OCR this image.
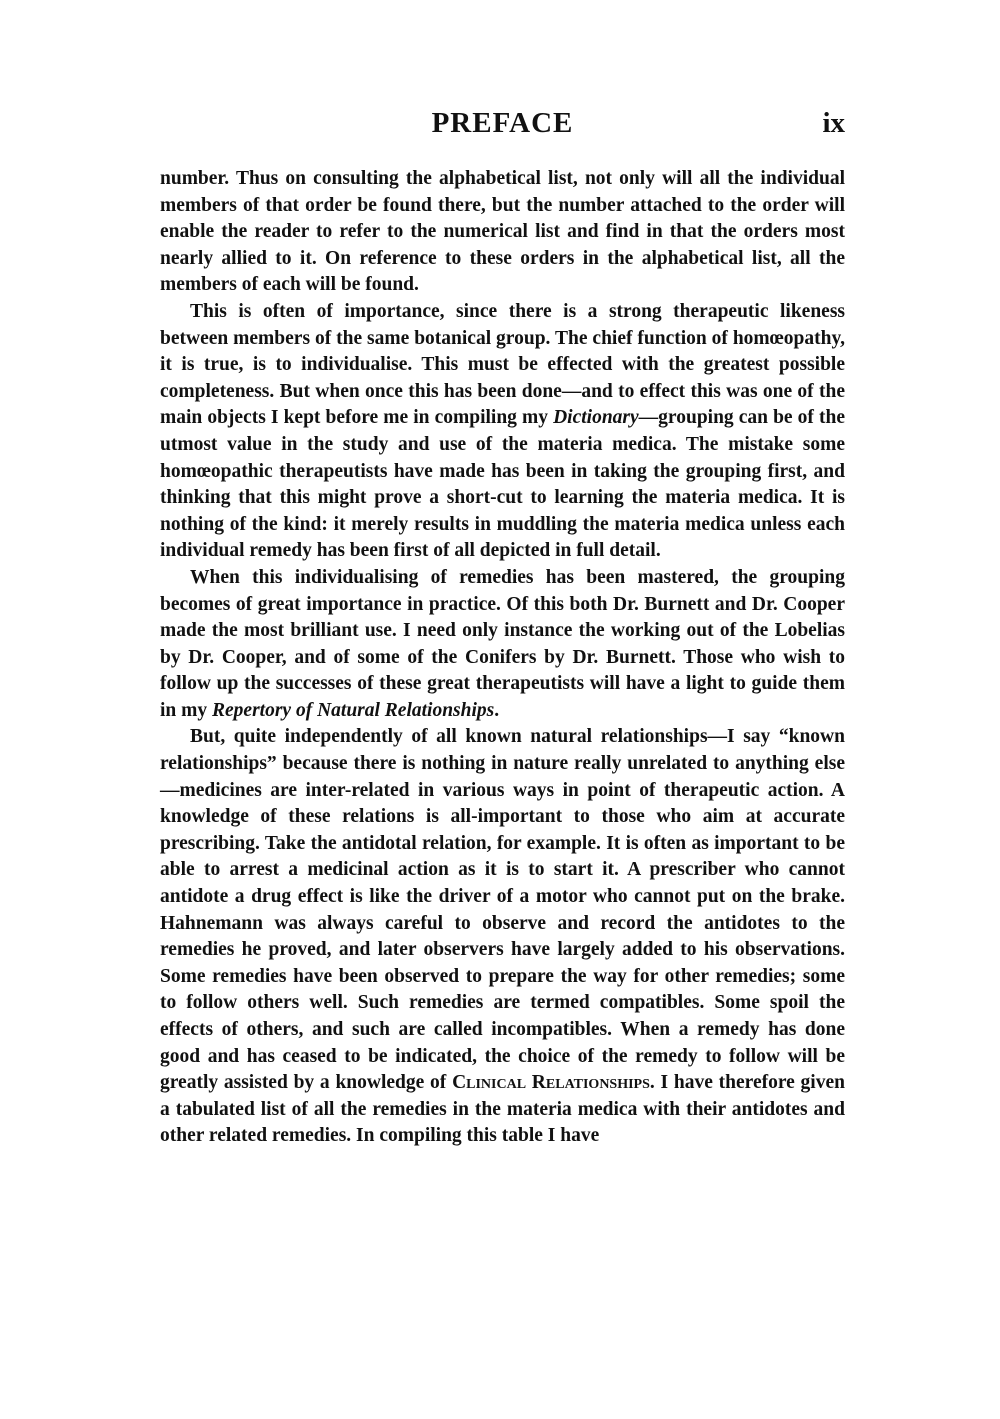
PREFACE	ix

number. Thus on consulting the alphabetical list, not only will all the individual members of that order be found there, but the number attached to the order will enable the reader to refer to the numerical list and find in that the orders most nearly allied to it. On reference to these orders in the alphabetical list, all the members of each will be found.

This is often of importance, since there is a strong therapeutic likeness between members of the same botanical group. The chief function of homœopathy, it is true, is to individualise. This must be effected with the greatest possible completeness. But when once this has been done—and to effect this was one of the main objects I kept before me in compiling my Dictionary—grouping can be of the utmost value in the study and use of the materia medica. The mistake some homœopathic therapeutists have made has been in taking the grouping first, and thinking that this might prove a short-cut to learning the materia medica. It is nothing of the kind: it merely results in muddling the materia medica unless each individual remedy has been first of all depicted in full detail.

When this individualising of remedies has been mastered, the grouping becomes of great importance in practice. Of this both Dr. Burnett and Dr. Cooper made the most brilliant use. I need only instance the working out of the Lobelias by Dr. Cooper, and of some of the Conifers by Dr. Burnett. Those who wish to follow up the successes of these great therapeutists will have a light to guide them in my Repertory of Natural Relationships.

But, quite independently of all known natural relationships—I say “known relationships” because there is nothing in nature really unrelated to anything else—medicines are inter-related in various ways in point of therapeutic action. A knowledge of these relations is all-important to those who aim at accurate prescribing. Take the antidotal relation, for example. It is often as important to be able to arrest a medicinal action as it is to start it. A prescriber who cannot antidote a drug effect is like the driver of a motor who cannot put on the brake. Hahnemann was always careful to observe and record the antidotes to the remedies he proved, and later observers have largely added to his observations. Some remedies have been observed to prepare the way for other remedies; some to follow others well. Such remedies are termed compatibles. Some spoil the effects of others, and such are called incompatibles. When a remedy has done good and has ceased to be indicated, the choice of the remedy to follow will be greatly assisted by a knowledge of Clinical Relationships. I have therefore given a tabulated list of all the remedies in the materia medica with their antidotes and other related remedies. In compiling this table I have
